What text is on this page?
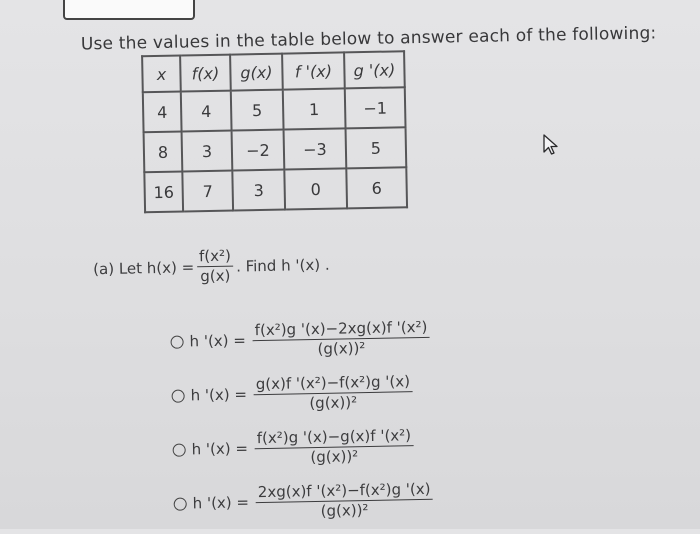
Use the values in the table below to answer each of the following:
x	f(x)	g(x)	f '(x)	g '(x)
4	4	5	1	−1
8	3	−2	−3	5
16	7	3	0	6
(a) Let $h(x) = \frac{\text{f(x²)}}{g(x)}$ . Find h '(x) .
h '$(x) = \frac{\text{f(x²)g '(x)−2xg(x)f '(x²)}}{\text{(g(x))²}}$
h '$(x) = \frac{\text{g(x)f '(x²)−f(x²)g '(x)}}{\text{(g(x))²}}$
h '$(x) = \frac{\text{f(x²)g '(x)−g(x)f '(x²)}}{\text{(g(x))²}}$
h '$(x) = \frac{\text{2xg(x)f '(x²)−f(x²)g '(x)}}{\text{(g(x))²}}$
